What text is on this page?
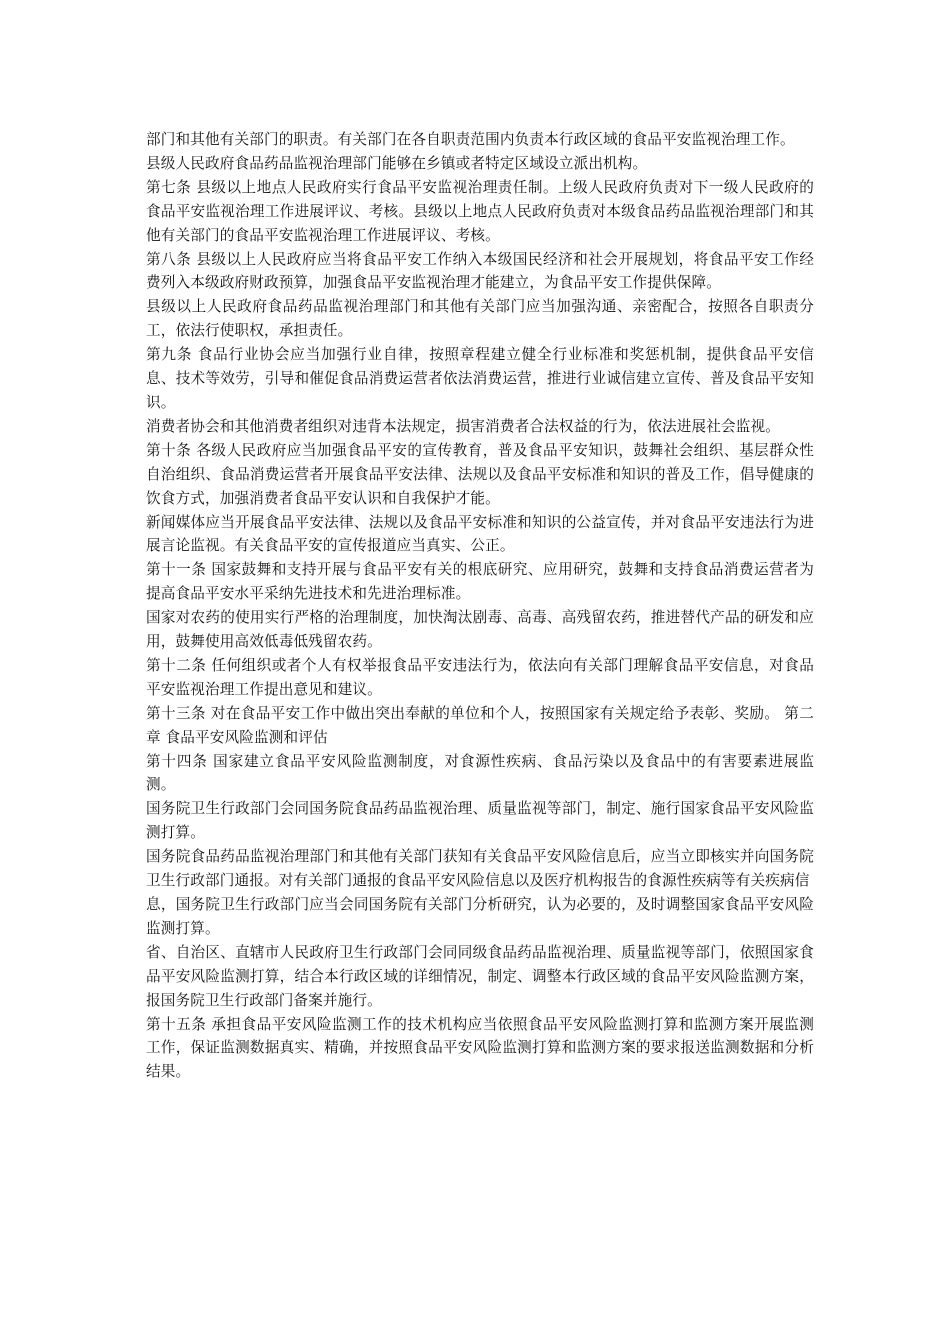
部门和其他有关部门的职责。有关部门在各自职责范围内负责本行政区域的食品平安监视治理工作。

县级人民政府食品药品监视治理部门能够在乡镇或者特定区域设立派出机构。

第七条 县级以上地点人民政府实行食品平安监视治理责任制。上级人民政府负责对下一级人民政府的食品平安监视治理工作进展评议、考核。县级以上地点人民政府负责对本级食品药品监视治理部门和其他有关部门的食品平安监视治理工作进展评议、考核。

第八条 县级以上人民政府应当将食品平安工作纳入本级国民经济和社会开展规划，将食品平安工作经费列入本级政府财政预算，加强食品平安监视治理才能建立，为食品平安工作提供保障。

县级以上人民政府食品药品监视治理部门和其他有关部门应当加强沟通、亲密配合，按照各自职责分工，依法行使职权，承担责任。

第九条 食品行业协会应当加强行业自律，按照章程建立健全行业标准和奖惩机制，提供食品平安信息、技术等效劳，引导和催促食品消费运营者依法消费运营，推进行业诚信建立宣传、普及食品平安知识。

消费者协会和其他消费者组织对违背本法规定，损害消费者合法权益的行为，依法进展社会监视。

第十条 各级人民政府应当加强食品平安的宣传教育，普及食品平安知识，鼓舞社会组织、基层群众性自治组织、食品消费运营者开展食品平安法律、法规以及食品平安标准和知识的普及工作，倡导健康的饮食方式，加强消费者食品平安认识和自我保护才能。

新闻媒体应当开展食品平安法律、法规以及食品平安标准和知识的公益宣传，并对食品平安违法行为进展言论监视。有关食品平安的宣传报道应当真实、公正。

第十一条 国家鼓舞和支持开展与食品平安有关的根底研究、应用研究，鼓舞和支持食品消费运营者为提高食品平安水平采纳先进技术和先进治理标准。

国家对农药的使用实行严格的治理制度，加快淘汰剧毒、高毒、高残留农药，推进替代产品的研发和应用，鼓舞使用高效低毒低残留农药。

第十二条 任何组织或者个人有权举报食品平安违法行为，依法向有关部门理解食品平安信息，对食品平安监视治理工作提出意见和建议。

第十三条 对在食品平安工作中做出突出奉献的单位和个人，按照国家有关规定给予表彰、奖励。 第二章 食品平安风险监测和评估

第十四条 国家建立食品平安风险监测制度，对食源性疾病、食品污染以及食品中的有害要素进展监测。

国务院卫生行政部门会同国务院食品药品监视治理、质量监视等部门，制定、施行国家食品平安风险监测打算。

国务院食品药品监视治理部门和其他有关部门获知有关食品平安风险信息后，应当立即核实并向国务院卫生行政部门通报。对有关部门通报的食品平安风险信息以及医疗机构报告的食源性疾病等有关疾病信

息，国务院卫生行政部门应当会同国务院有关部门分析研究，认为必要的，及时调整国家食品平安风险监测打算。

省、自治区、直辖市人民政府卫生行政部门会同同级食品药品监视治理、质量监视等部门，依照国家食品平安风险监测打算，结合本行政区域的详细情况，制定、调整本行政区域的食品平安风险监测方案，报国务院卫生行政部门备案并施行。

第十五条 承担食品平安风险监测工作的技术机构应当依照食品平安风险监测打算和监测方案开展监测工作，保证监测数据真实、精确，并按照食品平安风险监测打算和监测方案的要求报送监测数据和分析结果。
